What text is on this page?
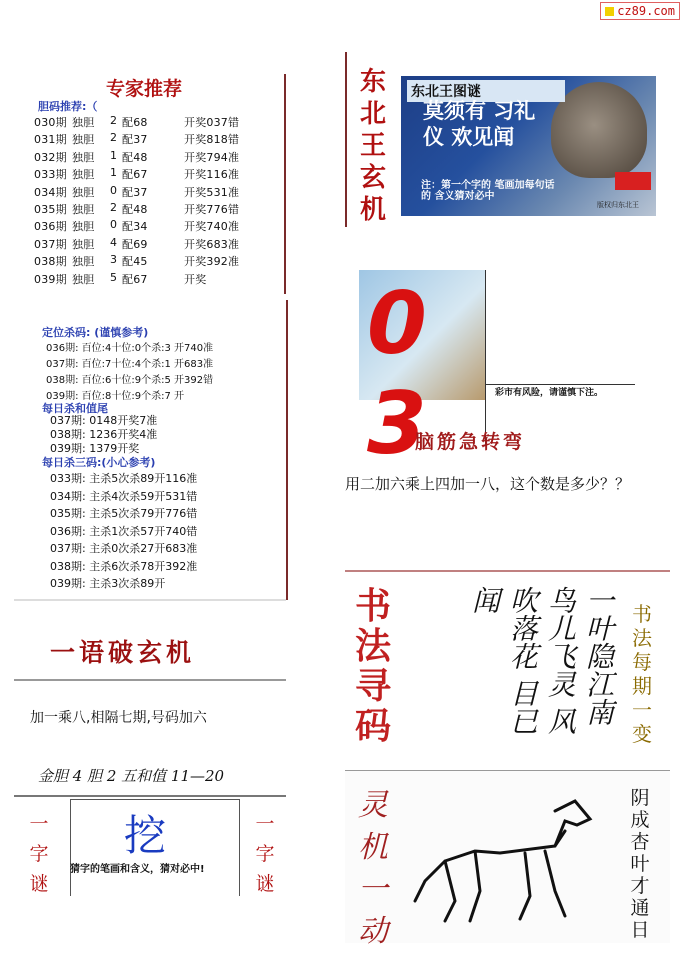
cz89.com
专家推荐
胆码推荐:（
030期 独胆 2 配68	开奖037错
031期 独胆 2 配37	开奖818错
032期 独胆 1 配48	开奖794准
033期 独胆 1 配67	开奖116准
034期 独胆 0 配37	开奖531准
035期 独胆 2 配48	开奖776错
036期 独胆 0 配34	开奖740准
037期 独胆 4 配69	开奖683准
038期 独胆 3 配45	开奖392准
039期 独胆 5 配67	开奖
定位杀码: (谨慎参考)
036期: 百位:4十位:0个杀:3 开740准
037期: 百位:7十位:4个杀:1 开683准
038期: 百位:6十位:9个杀:5 开392错
039期: 百位:8十位:9个杀:7 开
每日杀和值尾
037期: 0148开奖7准
038期: 1236开奖4准
039期: 1379开奖
每日杀三码:(小心参考)
033期: 主杀5次杀89开116准
034期: 主杀4次杀59开531错
035期: 主杀5次杀79开776错
036期: 主杀1次杀57开740错
037期: 主杀0次杀27开683准
038期: 主杀6次杀78开392准
039期: 主杀3次杀89开
一语破玄机
加一乘八,相隔七期,号码加六
金胆 4 胆 2 五和值 11—20
一字谜
挖
猜字的笔画和含义，猜对必中!
一字谜
东北王玄机
东北王图谜
莫须有 习礼仪 欢见闻
注：第一个字的 笔画加每句话的 含义猜对必中
版权归东北王
0 3	彩市有风险，请谨慎下注。
脑筋急转弯
用二加六乘上四加一八，这个数是多少？？
书法寻码	一叶隐江南 鸟儿飞灵 风吹落花 目已闻	书法每期一变
灵机一动
阴成杏叶才通日
